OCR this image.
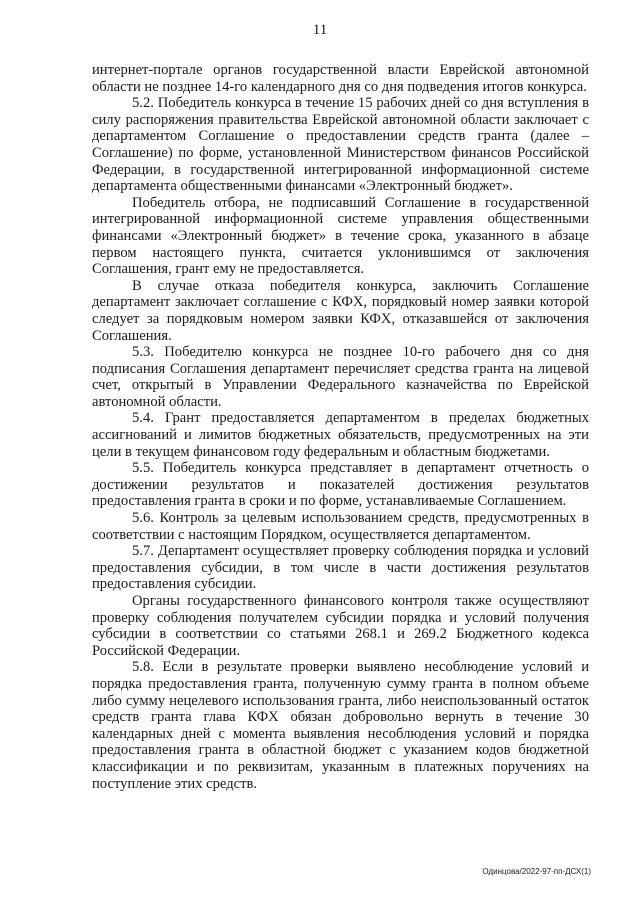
11

интернет-портале органов государственной власти Еврейской автономной области не позднее 14-го календарного дня со дня подведения итогов конкурса.

5.2. Победитель конкурса в течение 15 рабочих дней со дня вступления в силу распоряжения правительства Еврейской автономной области заключает с департаментом Соглашение о предоставлении средств гранта (далее – Соглашение) по форме, установленной Министерством финансов Российской Федерации, в государственной интегрированной информационной системе департамента общественными финансами «Электронный бюджет».

Победитель отбора, не подписавший Соглашение в государственной интегрированной информационной системе управления общественными финансами «Электронный бюджет» в течение срока, указанного в абзаце первом настоящего пункта, считается уклонившимся от заключения Соглашения, грант ему не предоставляется.

В случае отказа победителя конкурса, заключить Соглашение департамент заключает соглашение с КФХ, порядковый номер заявки которой следует за порядковым номером заявки КФХ, отказавшейся от заключения Соглашения.

5.3. Победителю конкурса не позднее 10-го рабочего дня со дня подписания Соглашения департамент перечисляет средства гранта на лицевой счет, открытый в Управлении Федерального казначейства по Еврейской автономной области.

5.4. Грант предоставляется департаментом в пределах бюджетных ассигнований и лимитов бюджетных обязательств, предусмотренных на эти цели в текущем финансовом году федеральным и областным бюджетами.

5.5. Победитель конкурса представляет в департамент отчетность о достижении результатов и показателей достижения результатов предоставления гранта в сроки и по форме, устанавливаемые Соглашением.

5.6. Контроль за целевым использованием средств, предусмотренных в соответствии с настоящим Порядком, осуществляется департаментом.

5.7. Департамент осуществляет проверку соблюдения порядка и условий предоставления субсидии, в том числе в части достижения результатов предоставления субсидии.

Органы государственного финансового контроля также осуществляют проверку соблюдения получателем субсидии порядка и условий получения субсидии в соответствии со статьями 268.1 и 269.2 Бюджетного кодекса Российской Федерации.

5.8. Если в результате проверки выявлено несоблюдение условий и порядка предоставления гранта, полученную сумму гранта в полном объеме либо сумму нецелевого использования гранта, либо неиспользованный остаток средств гранта глава КФХ обязан добровольно вернуть в течение 30 календарных дней с момента выявления несоблюдения условий и порядка предоставления гранта в областной бюджет с указанием кодов бюджетной классификации и по реквизитам, указанным в платежных поручениях на поступление этих средств.

Одинцова/2022-97-пп-ДСХ(1)
